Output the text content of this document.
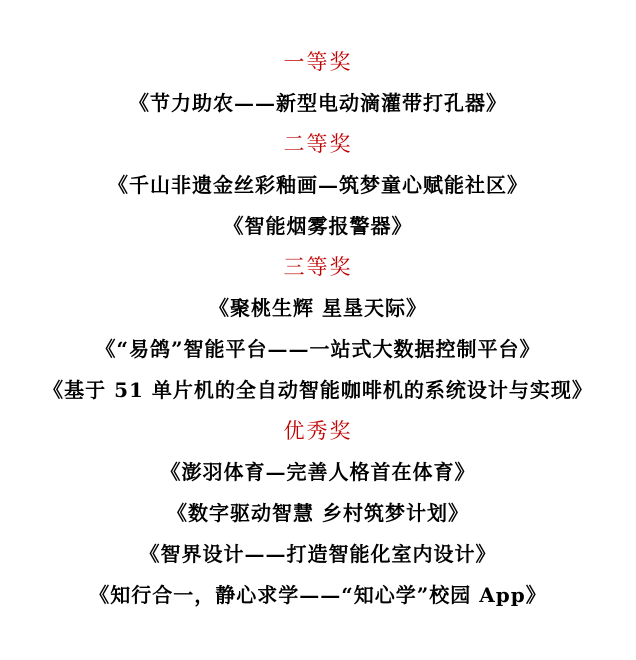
一等奖
《节力助农——新型电动滴灌带打孔器》
二等奖
《千山非遗金丝彩釉画—筑梦童心赋能社区》
《智能烟雾报警器》
三等奖
《聚桃生辉 星垦天际》
《“易鸽”智能平台——一站式大数据控制平台》
《基于 51 单片机的全自动智能咖啡机的系统设计与实现》
优秀奖
《澎羽体育—完善人格首在体育》
《数字驱动智慧 乡村筑梦计划》
《智界设计——打造智能化室内设计》
《知行合一，静心求学——“知心学”校园 App》
